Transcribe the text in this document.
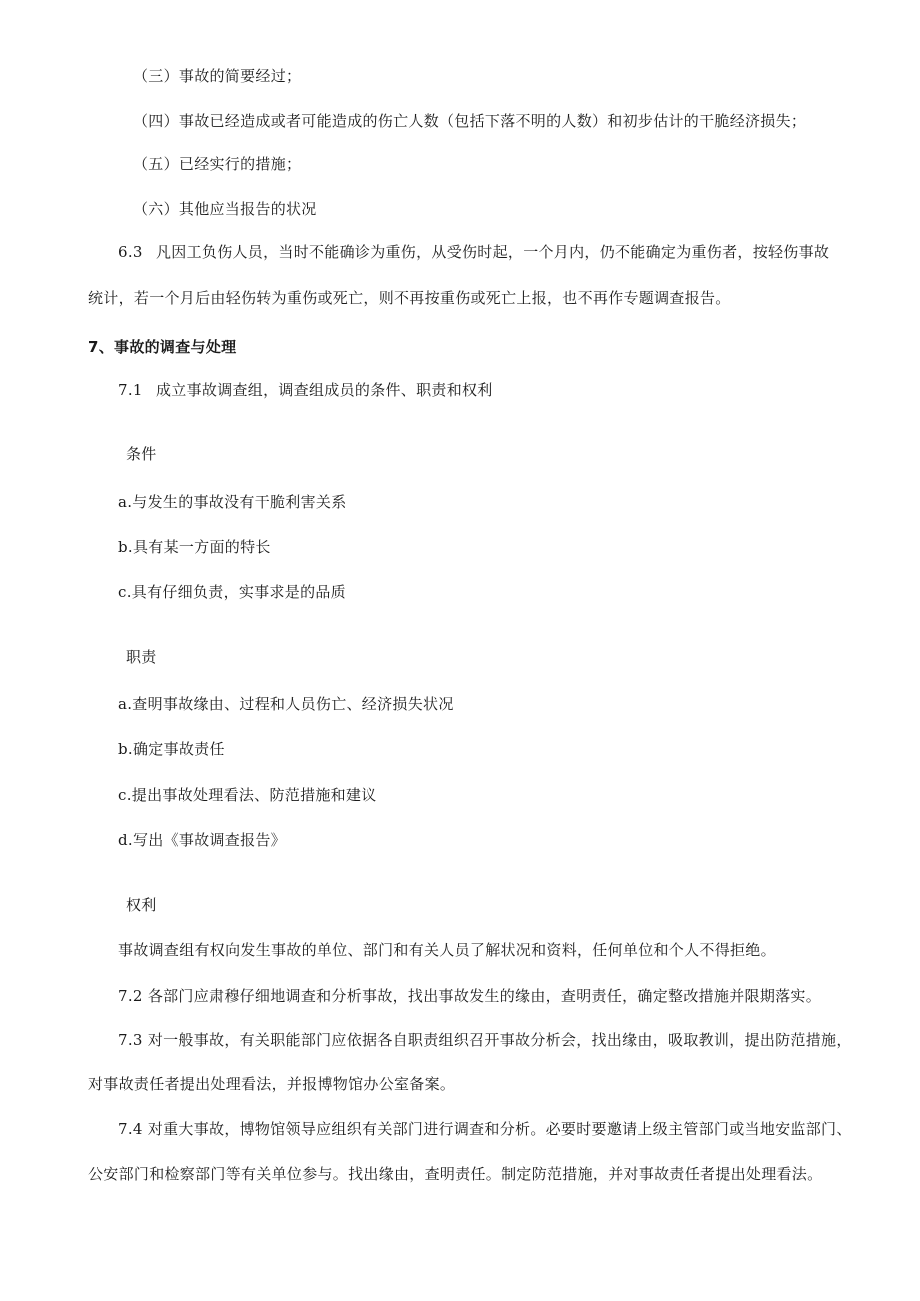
（三）事故的简要经过；
（四）事故已经造成或者可能造成的伤亡人数（包括下落不明的人数）和初步估计的干脆经济损失；
（五）已经实行的措施；
（六）其他应当报告的状况
6.3 凡因工负伤人员，当时不能确诊为重伤，从受伤时起，一个月内，仍不能确定为重伤者，按轻伤事故
统计，若一个月后由轻伤转为重伤或死亡，则不再按重伤或死亡上报，也不再作专题调查报告。
7、事故的调查与处理
7.1 成立事故调查组，调查组成员的条件、职责和权利
条件
a.与发生的事故没有干脆利害关系
b.具有某一方面的特长
c.具有仔细负责，实事求是的品质
职责
a.查明事故缘由、过程和人员伤亡、经济损失状况
b.确定事故责任
c.提出事故处理看法、防范措施和建议
d.写出《事故调查报告》
权利
事故调查组有权向发生事故的单位、部门和有关人员了解状况和资料，任何单位和个人不得拒绝。
7.2 各部门应肃穆仔细地调查和分析事故，找出事故发生的缘由，查明责任，确定整改措施并限期落实。
7.3 对一般事故，有关职能部门应依据各自职责组织召开事故分析会，找出缘由，吸取教训，提出防范措施，
对事故责任者提出处理看法，并报博物馆办公室备案。
7.4 对重大事故，博物馆领导应组织有关部门进行调查和分析。必要时要邀请上级主管部门或当地安监部门、
公安部门和检察部门等有关单位参与。找出缘由，查明责任。制定防范措施，并对事故责任者提出处理看法。
